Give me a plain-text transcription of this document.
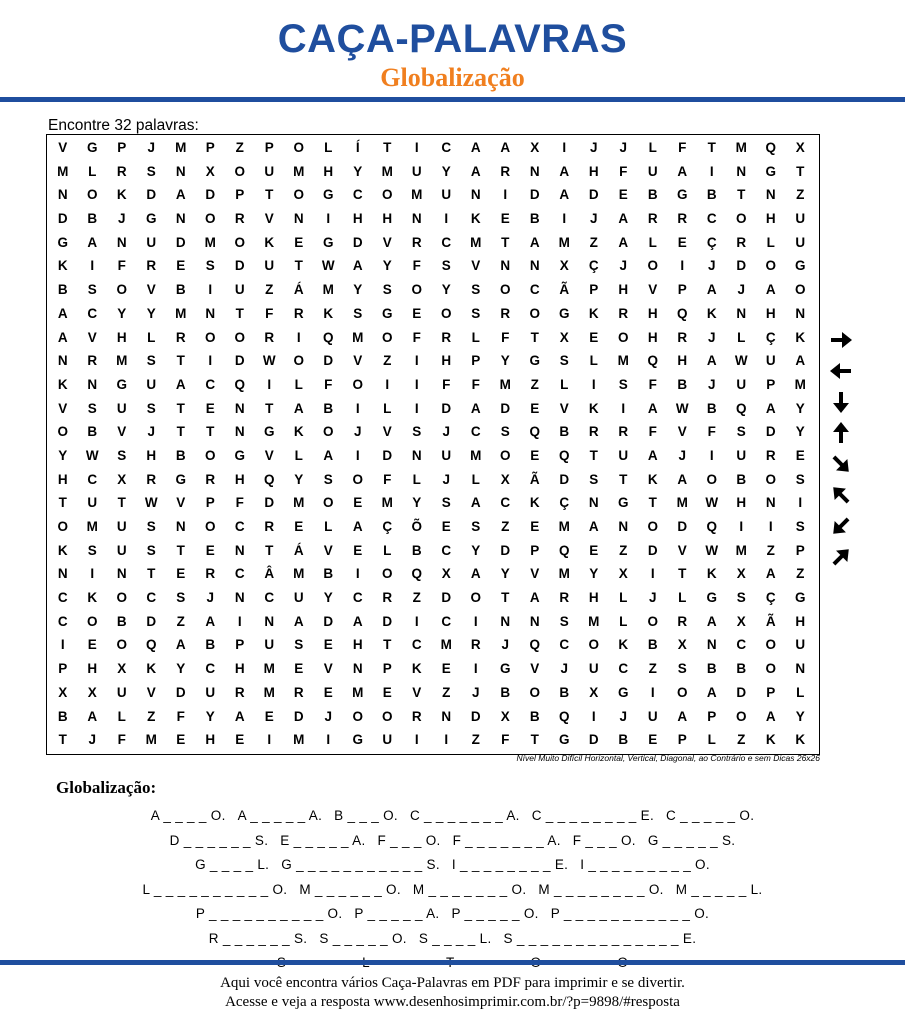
CAÇA-PALAVRAS
Globalização
Encontre 32 palavras:
V	G	P	J	M	P	Z	P	O	L	Í	T	I	C	A	A	X	I	J	J	L	F	T	M	Q	X
M	L	R	S	N	X	O	U	M	H	Y	M	U	Y	A	R	N	A	H	F	U	A	I	N	G	T
N	O	K	D	A	D	P	T	O	G	C	O	M	U	N	I	D	A	D	E	B	G	B	T	N	Z
D	B	J	G	N	O	R	V	N	I	H	H	N	I	K	E	B	I	J	A	R	R	C	O	H	U
G	A	N	U	D	M	O	K	E	G	D	V	R	C	M	T	A	M	Z	A	L	E	Ç	R	L	U
K	I	F	R	E	S	D	U	T	W	A	Y	F	S	V	N	N	X	Ç	J	O	I	J	D	O	G
B	S	O	V	B	I	U	Z	Á	M	Y	S	O	Y	S	O	C	Ã	P	H	V	P	A	J	A	O
A	C	Y	Y	M	N	T	F	R	K	S	G	E	O	S	R	O	G	K	R	H	Q	K	N	H	N
A	V	H	L	R	O	O	R	I	Q	M	O	F	R	L	F	T	X	E	O	H	R	J	L	Ç	K
N	R	M	S	T	I	D	W	O	D	V	Z	I	H	P	Y	G	S	L	M	Q	H	A	W	U	A
K	N	G	U	A	C	Q	I	L	F	O	I	I	F	F	M	Z	L	I	S	F	B	J	U	P	M
V	S	U	S	T	E	N	T	A	B	I	L	I	D	A	D	E	V	K	I	A	W	B	Q	A	Y
O	B	V	J	T	T	N	G	K	O	J	V	S	J	C	S	Q	B	R	R	F	V	F	S	D	Y
Y	W	S	H	B	O	G	V	L	A	I	D	N	U	M	O	E	Q	T	U	A	J	I	U	R	E
H	C	X	R	G	R	H	Q	Y	S	O	F	L	J	L	X	Ã	D	S	T	K	A	O	B	O	S
T	U	T	W	V	P	F	D	M	O	E	M	Y	S	A	C	K	Ç	N	G	T	M	W	H	N	I
O	M	U	S	N	O	C	R	E	L	A	Ç	Õ	E	S	Z	E	M	A	N	O	D	Q	I	I	S
K	S	U	S	T	E	N	T	Á	V	E	L	B	C	Y	D	P	Q	E	Z	D	V	W	M	Z	P
N	I	N	T	E	R	C	Â	M	B	I	O	Q	X	A	Y	V	M	Y	X	I	T	K	X	A	Z
C	K	O	C	S	J	N	C	U	Y	C	R	Z	D	O	T	A	R	H	L	J	L	G	S	Ç	G
C	O	B	D	Z	A	I	N	A	D	A	D	I	C	I	N	N	S	M	L	O	R	A	X	Ã	H
I	E	O	Q	A	B	P	U	S	E	H	T	C	M	R	J	Q	C	O	K	B	X	N	C	O	U
P	H	X	K	Y	C	H	M	E	V	N	P	K	E	I	G	V	J	U	C	Z	S	B	B	O	N
X	X	U	V	D	U	R	M	R	E	M	E	V	Z	J	B	O	B	X	G	I	O	A	D	P	L
B	A	L	Z	F	Y	A	E	D	J	O	O	R	N	D	X	B	Q	I	J	U	A	P	O	A	Y
T	J	F	M	E	H	E	I	M	I	G	U	I	I	Z	F	T	G	D	B	E	P	L	Z	K	K
Nível Muito Difícil Horizontal, Vertical, Diagonal, ao Contrário e sem Dicas 26x26
Globalização:
A _ _ _ _ O. A _ _ _ _ _ A. B _ _ _ O. C _ _ _ _ _ _ _ A. C _ _ _ _ _ _ _ _ E. C _ _ _ _ _ O.
D _ _ _ _ _ _ S. E _ _ _ _ _ A. F _ _ _ O. F _ _ _ _ _ _ _ A. F _ _ _ O. G _ _ _ _ _ S.
G _ _ _ _ L. G _ _ _ _ _ _ _ _ _ _ _ S. I _ _ _ _ _ _ _ _ E. I _ _ _ _ _ _ _ _ _ O.
L _ _ _ _ _ _ _ _ _ _ O. M _ _ _ _ _ _ O. M _ _ _ _ _ _ _ O. M _ _ _ _ _ _ _ _ O. M _ _ _ _ _ L.
P _ _ _ _ _ _ _ _ _ _ O. P _ _ _ _ _ A. P _ _ _ _ _ O. P _ _ _ _ _ _ _ _ _ _ _ O.
R _ _ _ _ _ _ S. S _ _ _ _ _ O. S _ _ _ _ L. S _ _ _ _ _ _ _ _ _ _ _ _ _ _ E.
Aqui você encontra vários Caça-Palavras em PDF para imprimir e se divertir.
Acesse e veja a resposta www.desenhosimprimir.com.br/?p=9898/#resposta
